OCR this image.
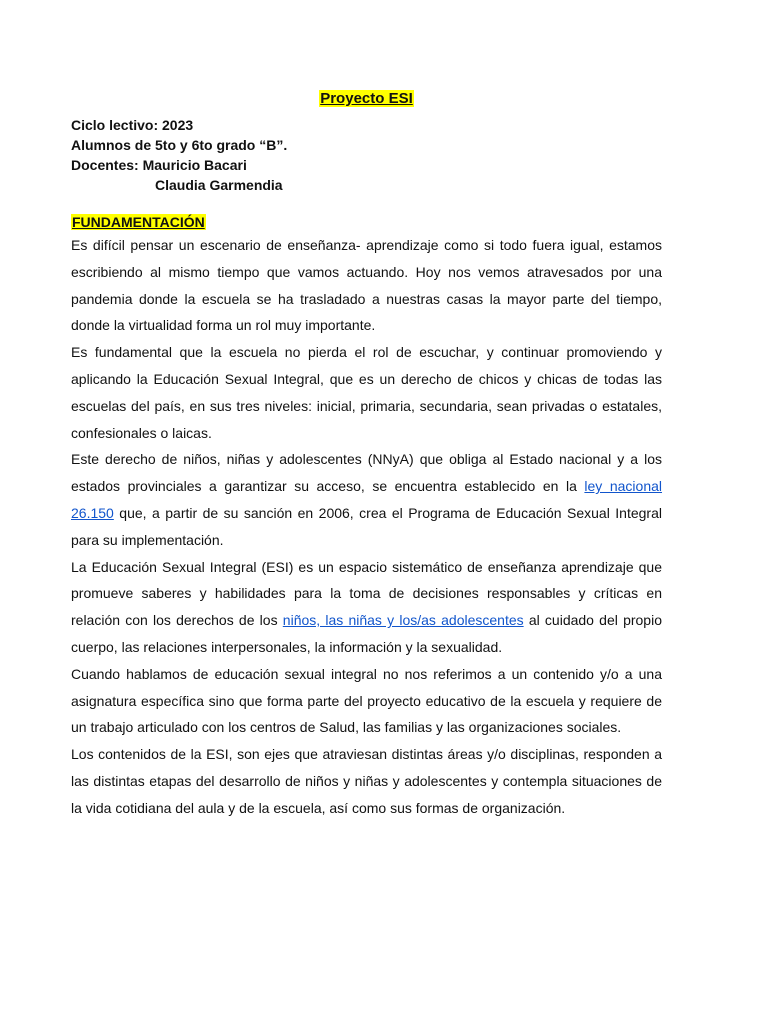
Proyecto ESI
Ciclo lectivo: 2023
Alumnos de 5to y 6to grado “B”.
Docentes: Mauricio Bacari
Claudia Garmendia
FUNDAMENTACIÓN

Es difícil pensar un escenario de enseñanza- aprendizaje como si todo fuera igual, estamos escribiendo al mismo tiempo que vamos actuando. Hoy nos vemos atravesados por una pandemia donde la escuela se ha trasladado a nuestras casas la mayor parte del tiempo, donde la virtualidad forma un rol muy importante.

Es fundamental que la escuela no pierda el rol de escuchar, y continuar promoviendo y aplicando la Educación Sexual Integral, que es un derecho de chicos y chicas de todas las escuelas del país, en sus tres niveles: inicial, primaria, secundaria, sean privadas o estatales, confesionales o laicas.

Este derecho de niños, niñas y adolescentes (NNyA) que obliga al Estado nacional y a los estados provinciales a garantizar su acceso, se encuentra establecido en la ley nacional 26.150 que, a partir de su sanción en 2006, crea el Programa de Educación Sexual Integral para su implementación.

La Educación Sexual Integral (ESI) es un espacio sistemático de enseñanza aprendizaje que promueve saberes y habilidades para la toma de decisiones responsables y críticas en relación con los derechos de los niños, las niñas y los/as adolescentes al cuidado del propio cuerpo, las relaciones interpersonales, la información y la sexualidad.

Cuando hablamos de educación sexual integral no nos referimos a un contenido y/o a una asignatura específica sino que forma parte del proyecto educativo de la escuela y requiere de un trabajo articulado con los centros de Salud, las familias y las organizaciones sociales.

Los contenidos de la ESI, son ejes que atraviesan distintas áreas y/o disciplinas, responden a las distintas etapas del desarrollo de niños y niñas y adolescentes y contempla situaciones de la vida cotidiana del aula y de la escuela, así como sus formas de organización.
